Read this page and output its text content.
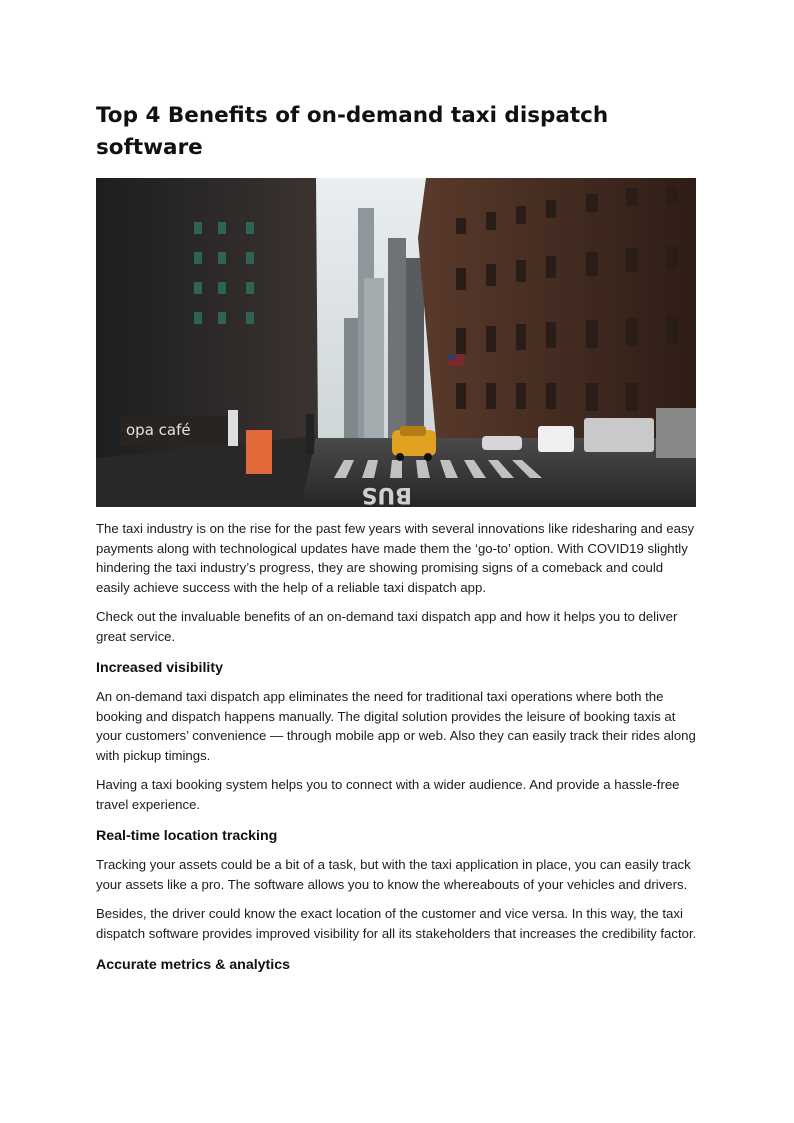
Top 4 Benefits of on-demand taxi dispatch software
opa café
BUS

The taxi industry is on the rise for the past few years with several innovations like ridesharing and easy payments along with technological updates have made them the ‘go-to’ option. With COVID19 slightly hindering the taxi industry’s progress, they are showing promising signs of a comeback and could easily achieve success with the help of a reliable taxi dispatch app.

Check out the invaluable benefits of an on-demand taxi dispatch app and how it helps you to deliver great service.

Increased visibility

An on-demand taxi dispatch app eliminates the need for traditional taxi operations where both the booking and dispatch happens manually. The digital solution provides the leisure of booking taxis at your customers’ convenience — through mobile app or web. Also they can easily track their rides along with pickup timings.

Having a taxi booking system helps you to connect with a wider audience. And provide a hassle-free travel experience.

Real-time location tracking

Tracking your assets could be a bit of a task, but with the taxi application in place, you can easily track your assets like a pro. The software allows you to know the whereabouts of your vehicles and drivers.

Besides, the driver could know the exact location of the customer and vice versa. In this way, the taxi dispatch software provides improved visibility for all its stakeholders that increases the credibility factor.

Accurate metrics & analytics
